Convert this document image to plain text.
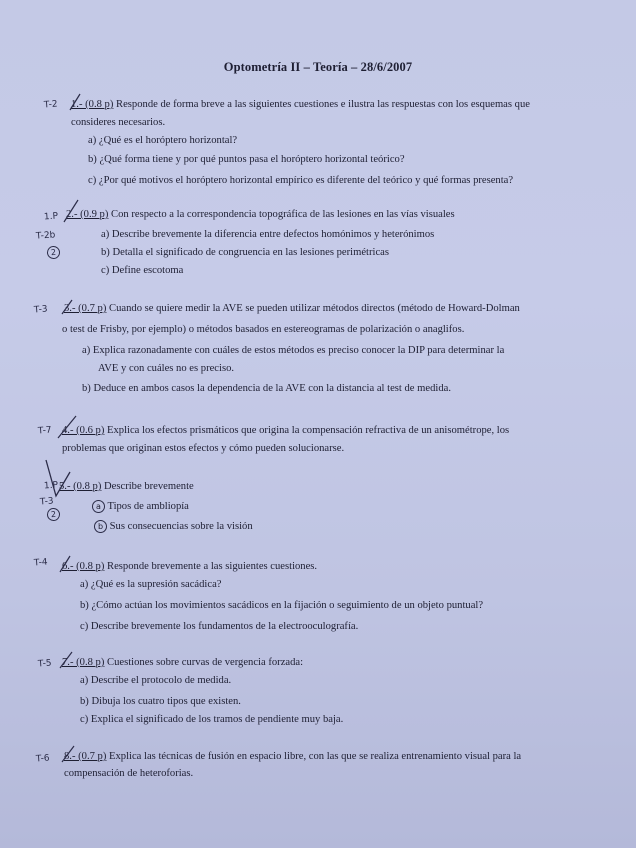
Optometría II – Teoría – 28/6/2007
T-2 1.- (0.8 p) Responde de forma breve a las siguientes cuestiones e ilustra las respuestas con los esquemas que
consideres necesarios.
a) ¿Qué es el horóptero horizontal?
b) ¿Qué forma tiene y por qué puntos pasa el horóptero horizontal teórico?
c) ¿Por qué motivos el horóptero horizontal empírico es diferente del teórico y qué formas presenta?
1.P
T-2b
2
2.- (0.9 p) Con respecto a la correspondencia topográfica de las lesiones en las vías visuales
a) Describe brevemente la diferencia entre defectos homónimos y heterónimos
b) Detalla el significado de congruencia en las lesiones perimétricas
c) Define escotoma
T-3 3.- (0.7 p) Cuando se quiere medir la AVE se pueden utilizar métodos directos (método de Howard-Dolman
o test de Frisby, por ejemplo) o métodos basados en estereogramas de polarización o anaglifos.
a) Explica razonadamente con cuáles de estos métodos es preciso conocer la DIP para determinar la
AVE y con cuáles no es preciso.
b) Deduce en ambos casos la dependencia de la AVE con la distancia al test de medida.
T-7 4.- (0.6 p) Explica los efectos prismáticos que origina la compensación refractiva de un anisométrope, los
problemas que originan estos efectos y cómo pueden solucionarse.
1.P
T-3
2
5.- (0.8 p) Describe brevemente
a Tipos de ambliopía
b Sus consecuencias sobre la visión
T-4 6.- (0.8 p) Responde brevemente a las siguientes cuestiones.
a) ¿Qué es la supresión sacádica?
b) ¿Cómo actúan los movimientos sacádicos en la fijación o seguimiento de un objeto puntual?
c) Describe brevemente los fundamentos de la electrooculografía.
T-5 7.- (0.8 p) Cuestiones sobre curvas de vergencia forzada:
a) Describe el protocolo de medida.
b) Dibuja los cuatro tipos que existen.
c) Explica el significado de los tramos de pendiente muy baja.
T-6 8.- (0.7 p) Explica las técnicas de fusión en espacio libre, con las que se realiza entrenamiento visual para la
compensación de heteroforias.
